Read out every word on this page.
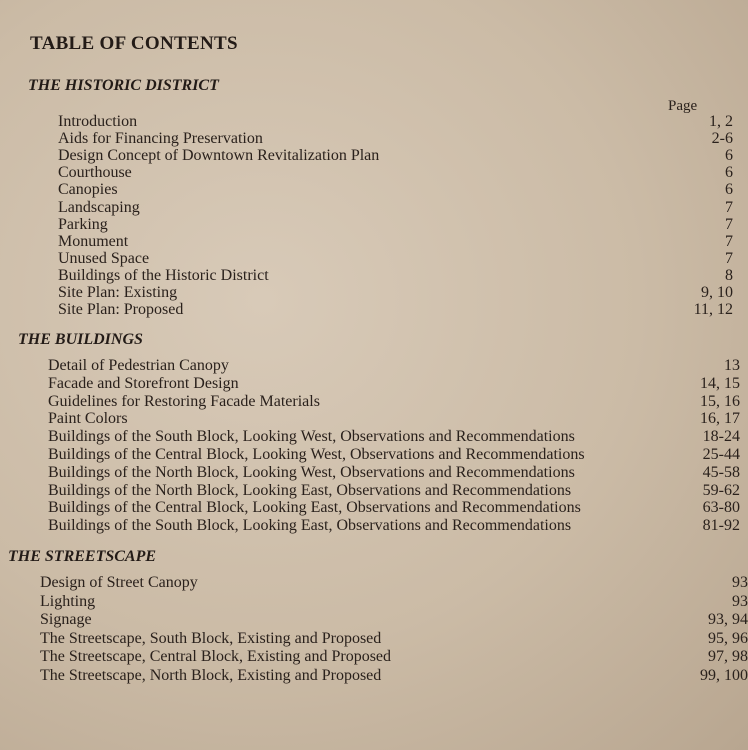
TABLE OF CONTENTS
THE HISTORIC DISTRICT
Page
Introduction	1, 2
Aids for Financing Preservation	2-6
Design Concept of Downtown Revitalization Plan	6
Courthouse	6
Canopies	6
Landscaping	7
Parking	7
Monument	7
Unused Space	7
Buildings of the Historic District	8
Site Plan: Existing	9, 10
Site Plan: Proposed	11, 12
THE BUILDINGS
Detail of Pedestrian Canopy	13
Facade and Storefront Design	14, 15
Guidelines for Restoring Facade Materials	15, 16
Paint Colors	16, 17
Buildings of the South Block, Looking West, Observations and Recommendations	18-24
Buildings of the Central Block, Looking West, Observations and Recommendations	25-44
Buildings of the North Block, Looking West, Observations and Recommendations	45-58
Buildings of the North Block, Looking East, Observations and Recommendations	59-62
Buildings of the Central Block, Looking East, Observations and Recommendations	63-80
Buildings of the South Block, Looking East, Observations and Recommendations	81-92
THE STREETSCAPE
Design of Street Canopy	93
Lighting	93
Signage	93, 94
The Streetscape, South Block, Existing and Proposed	95, 96
The Streetscape, Central Block, Existing and Proposed	97, 98
The Streetscape, North Block, Existing and Proposed	99, 100
